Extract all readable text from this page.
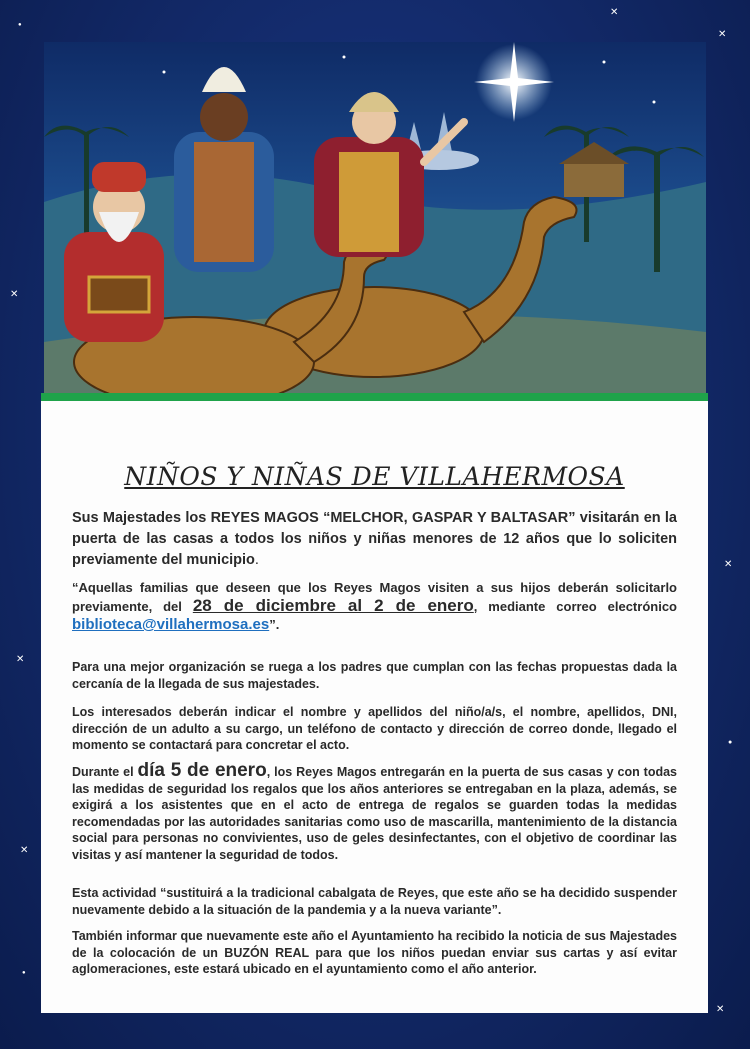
✕
●
✕
✕
✕
✕
✕
●
✕
●
NIÑOS Y NIÑAS DE VILLAHERMOSA

Sus Majestades los REYES MAGOS “MELCHOR, GASPAR Y BALTASAR” visitarán en la puerta de las casas a todos los niños y niñas menores de 12 años que lo soliciten previamente del municipio.

“Aquellas familias que deseen que los Reyes Magos visiten a sus hijos deberán solicitarlo previamente, del 28 de diciembre al 2 de enero, mediante correo electrónico biblioteca@villahermosa.es”.

Para una mejor organización se ruega a los padres que cumplan con las fechas propuestas dada la cercanía de la llegada de sus majestades.

Los interesados deberán indicar el nombre y apellidos del niño/a/s, el nombre, apellidos, DNI, dirección de un adulto a su cargo, un teléfono de contacto y dirección de correo donde, llegado el momento se contactará para concretar el acto.

Durante el día 5 de enero, los Reyes Magos entregarán en la puerta de sus casas y con todas las medidas de seguridad los regalos que los años anteriores se entregaban en la plaza, además, se exigirá a los asistentes que en el acto de entrega de regalos se guarden todas la medidas recomendadas por las autoridades sanitarias como uso de mascarilla, mantenimiento de la distancia social para personas no convivientes, uso de geles desinfectantes, con el objetivo de coordinar las visitas y así mantener la seguridad de todos.

Esta actividad “sustituirá a la tradicional cabalgata de Reyes, que este año se ha decidido suspender nuevamente debido a la situación de la pandemia y a la nueva variante”.

También informar que nuevamente este año el Ayuntamiento ha recibido la noticia de sus Majestades de la colocación de un BUZÓN REAL para que los niños puedan enviar sus cartas y así evitar aglomeraciones, este estará ubicado en el ayuntamiento como el año anterior.
